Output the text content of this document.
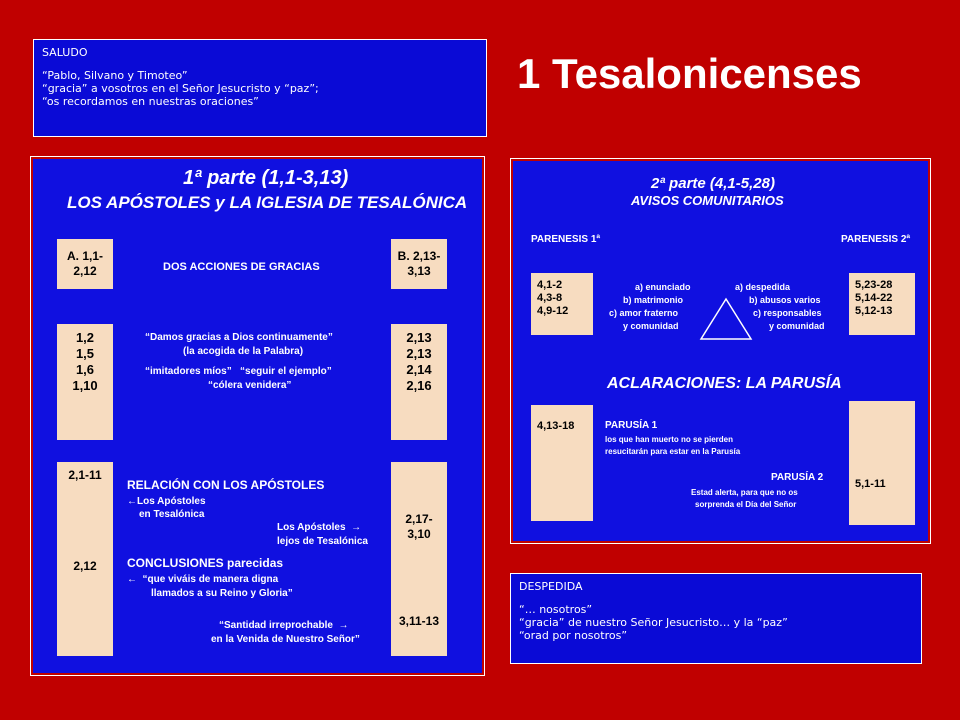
1 Tesalonicenses
SALUDO
“Pablo, Silvano y Timoteo”
“gracia” a vosotros en el Señor Jesucristo y “paz”;
“os recordamos en nuestras oraciones”
1ª parte (1,1-3,13)
LOS APÓSTOLES y LA IGLESIA DE TESALÓNICA
A. 1,1-
2,12
1,2
1,5
1,6
1,10
2,1-11
2,12
B. 2,13-
3,13
2,13
2,13
2,14
2,16
2,17-
3,10
3,11-13
DOS ACCIONES DE GRACIAS
“Damos gracias a Dios continuamente”
(la acogida de la Palabra)
“imitadores míos”   “seguir el ejemplo”
“cólera venidera”
RELACIÓN CON LOS APÓSTOLES
←Los Apóstoles
en Tesalónica
Los Apóstoles  →
lejos de Tesalónica
CONCLUSIONES parecidas
←  “que viváis de manera digna
llamados a su Reino y Gloria”
“Santidad irreprochable  →
en la Venida de Nuestro Señor”
2ª parte (4,1-5,28)
AVISOS COMUNITARIOS
PARENESIS 1ª	PARENESIS 2ª
4,1-2
4,3-8
4,9-12
5,23-28
5,14-22
5,12-13
a) enunciado
b) matrimonio
c) amor fraterno
y comunidad
a) despedida
b) abusos varios
c) responsables
y comunidad
ACLARACIONES: LA PARUSÍA
4,13-18
5,1-11
PARUSÍA 1
los que han muerto no se pierden
resucitarán para estar en la Parusía
PARUSÍA 2
Estad alerta, para que no os
sorprenda el Día del Señor
DESPEDIDA
“… nosotros”
“gracia” de nuestro Señor Jesucristo… y la “paz”
“orad por nosotros”
